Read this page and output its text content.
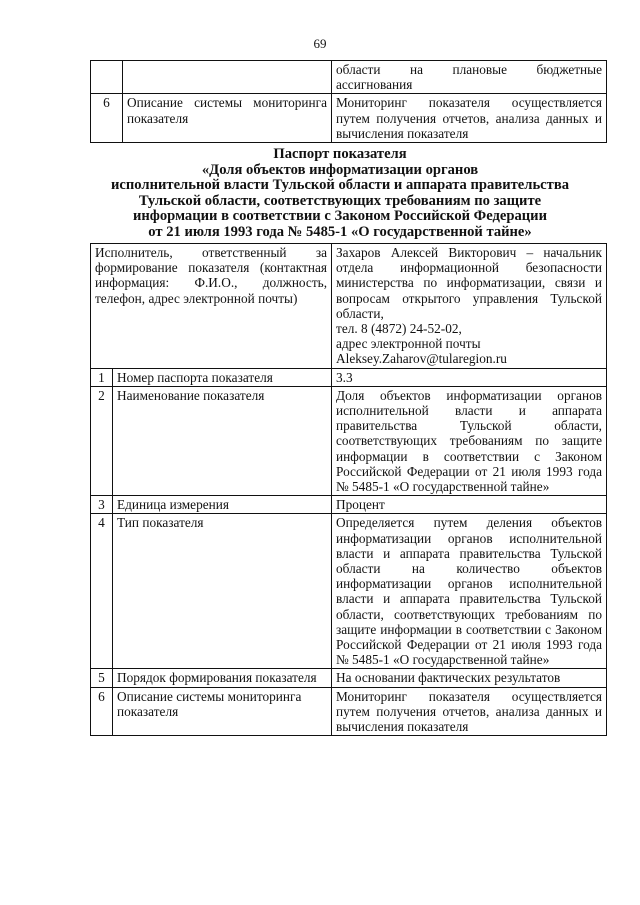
69
		области на плановые бюджетные ассигнования
6	Описание системы мониторинга показателя	Мониторинг показателя осуществляется путем получения отчетов, анализа данных и вычисления показателя
Паспорт показателя
«Доля объектов информатизации органов
исполнительной власти Тульской области и аппарата правительства
Тульской области, соответствующих требованиям по защите
информации в соответствии с Законом Российской Федерации
от 21 июля 1993 года № 5485-1 «О государственной тайне»
Исполнитель, ответственный за формирование показателя (контактная информация: Ф.И.О., должность, телефон, адрес электронной почты)		Захаров Алексей Викторович – начальник отдела информационной безопасности министерства по информатизации, связи и вопросам открытого управления Тульской области,
тел. 8 (4872) 24-52-02,
адрес электронной почты
Aleksey.Zaharov@tularegion.ru

1	Номер паспорта показателя	3.3
2	Наименование показателя	Доля объектов информатизации органов исполнительной власти и аппарата правительства Тульской области, соответствующих требованиям по защите информации в соответствии с Законом Российской Федерации от 21 июля 1993 года № 5485-1 «О государственной тайне»
3	Единица измерения	Процент
4	Тип показателя	Определяется путем деления объектов информатизации органов исполнительной власти и аппарата правительства Тульской области на количество объектов информатизации органов исполнительной власти и аппарата правительства Тульской области, соответствующих требованиям по защите информации в соответствии с Законом Российской Федерации от 21 июля 1993 года № 5485-1 «О государственной тайне»
5	Порядок формирования показателя	На основании фактических результатов
6	Описание системы мониторинга показателя	Мониторинг показателя осуществляется путем получения отчетов, анализа данных и вычисления показателя
